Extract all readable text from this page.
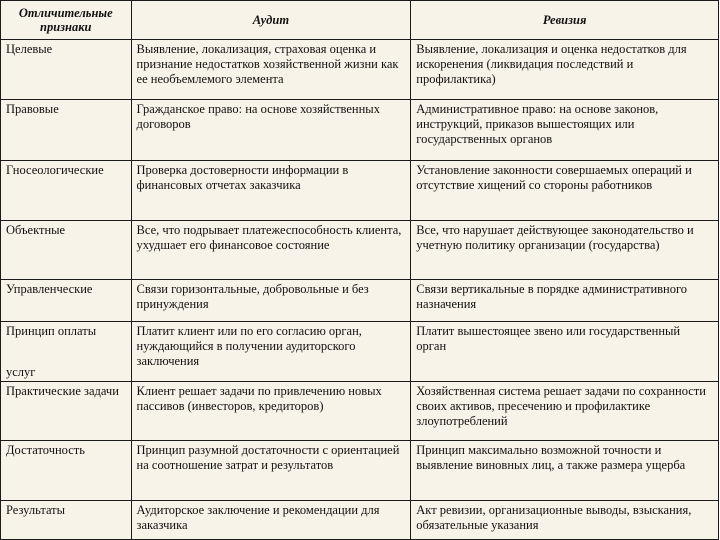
Отличительные признаки	Аудит	Ревизия

Целевые	Выявление, локализация, страховая оценка и признание недостатков хозяйственной жизни как ее необъемлемого элемента	Выявление, локализация и оценка недостатков для искоренения (ликвидация последствий и профилактика)

Правовые	Гражданское право: на основе хозяйственных договоров	Административное право: на основе законов, инструкций, приказов вышестоящих или государственных органов

Гносеологические	Проверка достоверности информации в финансовых отчетах заказчика	Установление законности совершаемых операций и отсутствие хищений со стороны работников

Объектные	Все, что подрывает платежеспособность клиента, ухудшает его финансовое состояние	Все, что нарушает действующее законодательство и учетную политику организации (государства)

Управленческие	Связи горизонтальные, добровольные и без принуждения	Связи вертикальные в порядке административного назначения

Принцип оплаты
услуг	Платит клиент или по его согласию орган, нуждающийся в получении аудиторского заключения	Платит вышестоящее звено или государственный орган

Практические задачи	Клиент решает задачи по привлечению новых пассивов (инвесторов, кредиторов)	Хозяйственная система решает задачи по сохранности своих активов, пресечению и профилактике злоупотреблений

Достаточность	Принцип разумной достаточности с ориентацией на соотношение затрат и результатов	Принцип максимально возможной точности и выявление виновных лиц, а также размера ущерба

Результаты	Аудиторское заключение и рекомендации для заказчика	Акт ревизии, организационные выводы, взыскания, обязательные указания
